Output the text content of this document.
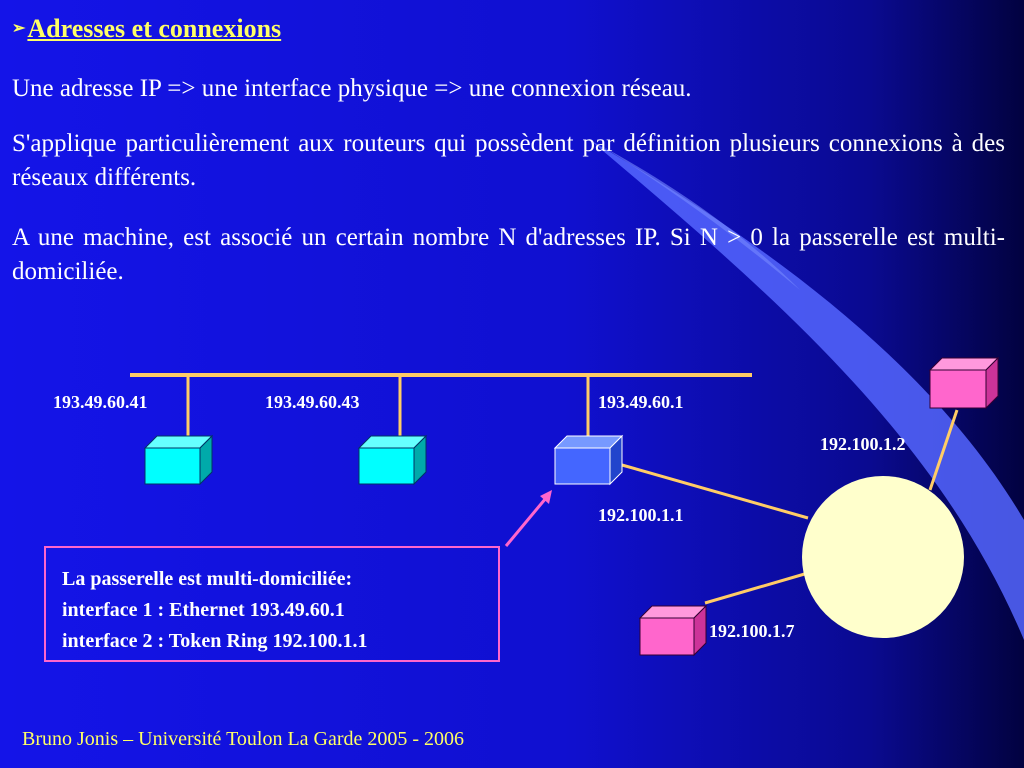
➢Adresses et connexions

Une adresse IP => une interface physique => une connexion réseau.

S'applique particulièrement aux routeurs qui possèdent par définition plusieurs connexions à des réseaux différents.

A une machine, est associé un certain nombre N d'adresses IP. Si N > 0 la passerelle est multi-domiciliée.

193.49.60.41	193.49.60.43	193.49.60.1
192.100.1.1
192.100.1.2
192.100.1.7
La passerelle est multi-domiciliée:
interface 1 : Ethernet 193.49.60.1
interface 2 : Token Ring 192.100.1.1
Bruno Jonis – Université Toulon La Garde 2005 - 2006
